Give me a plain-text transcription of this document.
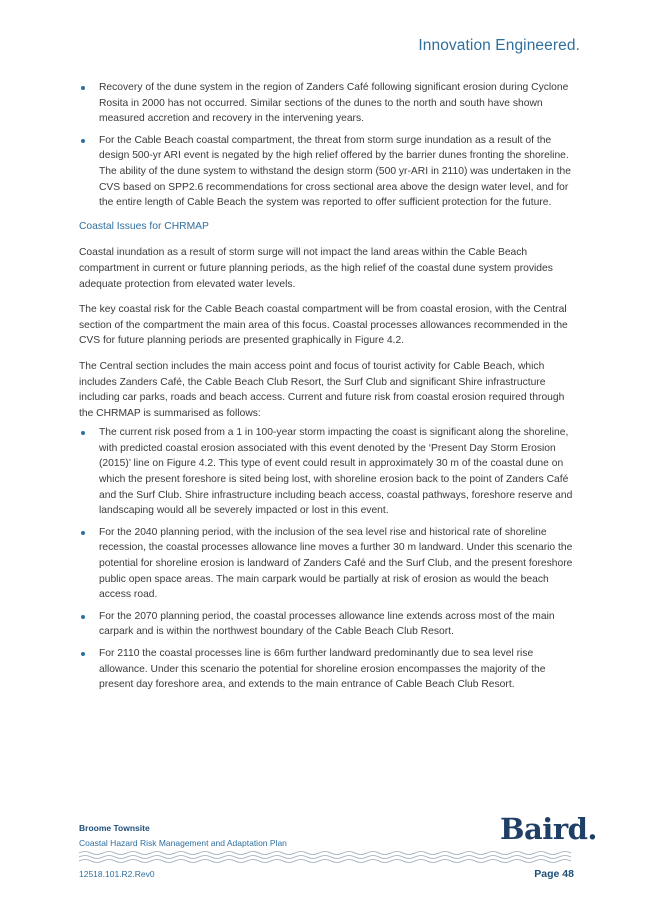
Innovation Engineered.
Recovery of the dune system in the region of Zanders Café following significant erosion during Cyclone Rosita in 2000 has not occurred. Similar sections of the dunes to the north and south have shown measured accretion and recovery in the intervening years.
For the Cable Beach coastal compartment, the threat from storm surge inundation as a result of the design 500-yr ARI event is negated by the high relief offered by the barrier dunes fronting the shoreline. The ability of the dune system to withstand the design storm (500 yr-ARI in 2110) was undertaken in the CVS based on SPP2.6 recommendations for cross sectional area above the design water level, and for the entire length of Cable Beach the system was reported to offer sufficient protection for the future.
Coastal Issues for CHRMAP

Coastal inundation as a result of storm surge will not impact the land areas within the Cable Beach compartment in current or future planning periods, as the high relief of the coastal dune system provides adequate protection from elevated water levels.

The key coastal risk for the Cable Beach coastal compartment will be from coastal erosion, with the Central section of the compartment the main area of this focus. Coastal processes allowances recommended in the CVS for future planning periods are presented graphically in Figure 4.2.

The Central section includes the main access point and focus of tourist activity for Cable Beach, which includes Zanders Café, the Cable Beach Club Resort, the Surf Club and significant Shire infrastructure including car parks, roads and beach access. Current and future risk from coastal erosion required through the CHRMAP is summarised as follows:

The current risk posed from a 1 in 100-year storm impacting the coast is significant along the shoreline, with predicted coastal erosion associated with this event denoted by the ‘Present Day Storm Erosion (2015)’ line on Figure 4.2. This type of event could result in approximately 30 m of the coastal dune on which the present foreshore is sited being lost, with shoreline erosion back to the point of Zanders Café and the Surf Club. Shire infrastructure including beach access, coastal pathways, foreshore reserve and landscaping would all be severely impacted or lost in this event.
For the 2040 planning period, with the inclusion of the sea level rise and historical rate of shoreline recession, the coastal processes allowance line moves a further 30 m landward. Under this scenario the potential for shoreline erosion is landward of Zanders Café and the Surf Club, and the present foreshore public open space areas. The main carpark would be partially at risk of erosion as would the beach access road.
For the 2070 planning period, the coastal processes allowance line extends across most of the main carpark and is within the northwest boundary of the Cable Beach Club Resort.
For 2110 the coastal processes line is 66m further landward predominantly due to sea level rise allowance. Under this scenario the potential for shoreline erosion encompasses the majority of the present day foreshore area, and extends to the main entrance of Cable Beach Club Resort.
Broome Townsite
Coastal Hazard Risk Management and Adaptation Plan	Baird.
12518.101.R2.Rev0	Page 48
